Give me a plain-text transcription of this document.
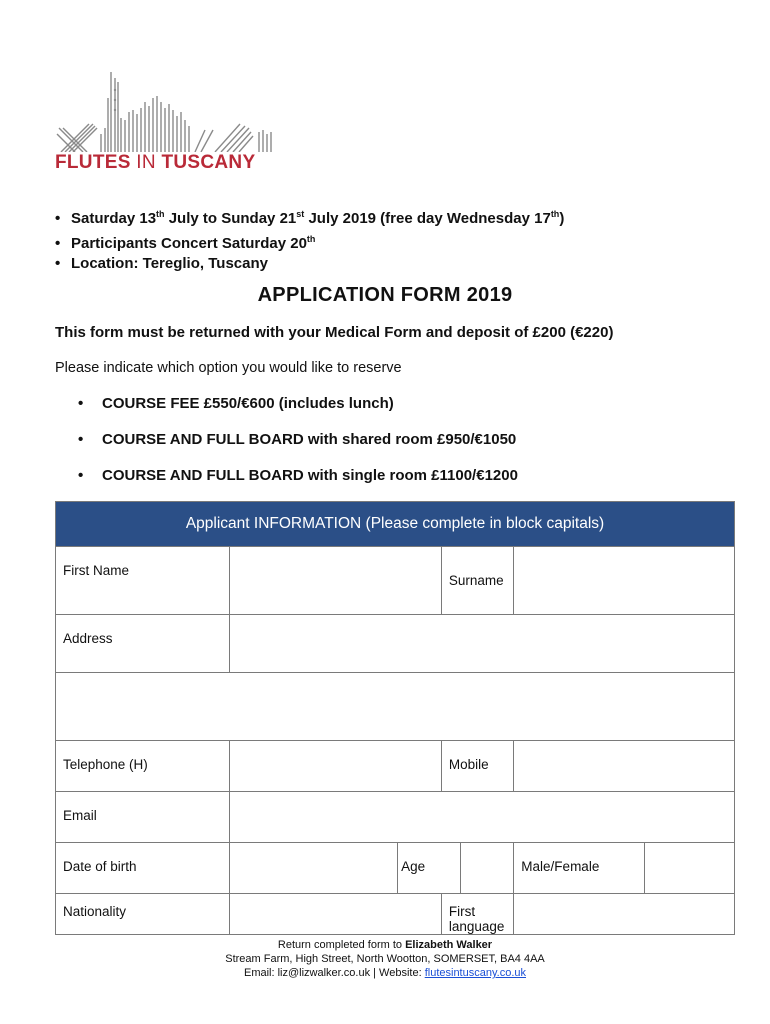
FLUTES IN TUSCANY
• Saturday 13th July to Sunday 21st July 2019 (free day Wednesday 17th)
• Participants Concert Saturday 20th
• Location: Tereglio, Tuscany
APPLICATION FORM 2019
This form must be returned with your Medical Form and deposit of £200 (€220)
Please indicate which option you would like to reserve
• COURSE FEE £550/€600 (includes lunch)
• COURSE AND FULL BOARD with shared room £950/€1050
• COURSE AND FULL BOARD with single room £1100/€1200
Applicant INFORMATION (Please complete in block capitals)					
First Name			Surname		
Address					

Telephone (H)			Mobile		
Email					
Date of birth		Age		Male/Female	
Nationality			First language		
Return completed form to Elizabeth Walker
Stream Farm, High Street, North Wootton, SOMERSET, BA4 4AA
Email: liz@lizwalker.co.uk | Website: flutesintuscany.co.uk
